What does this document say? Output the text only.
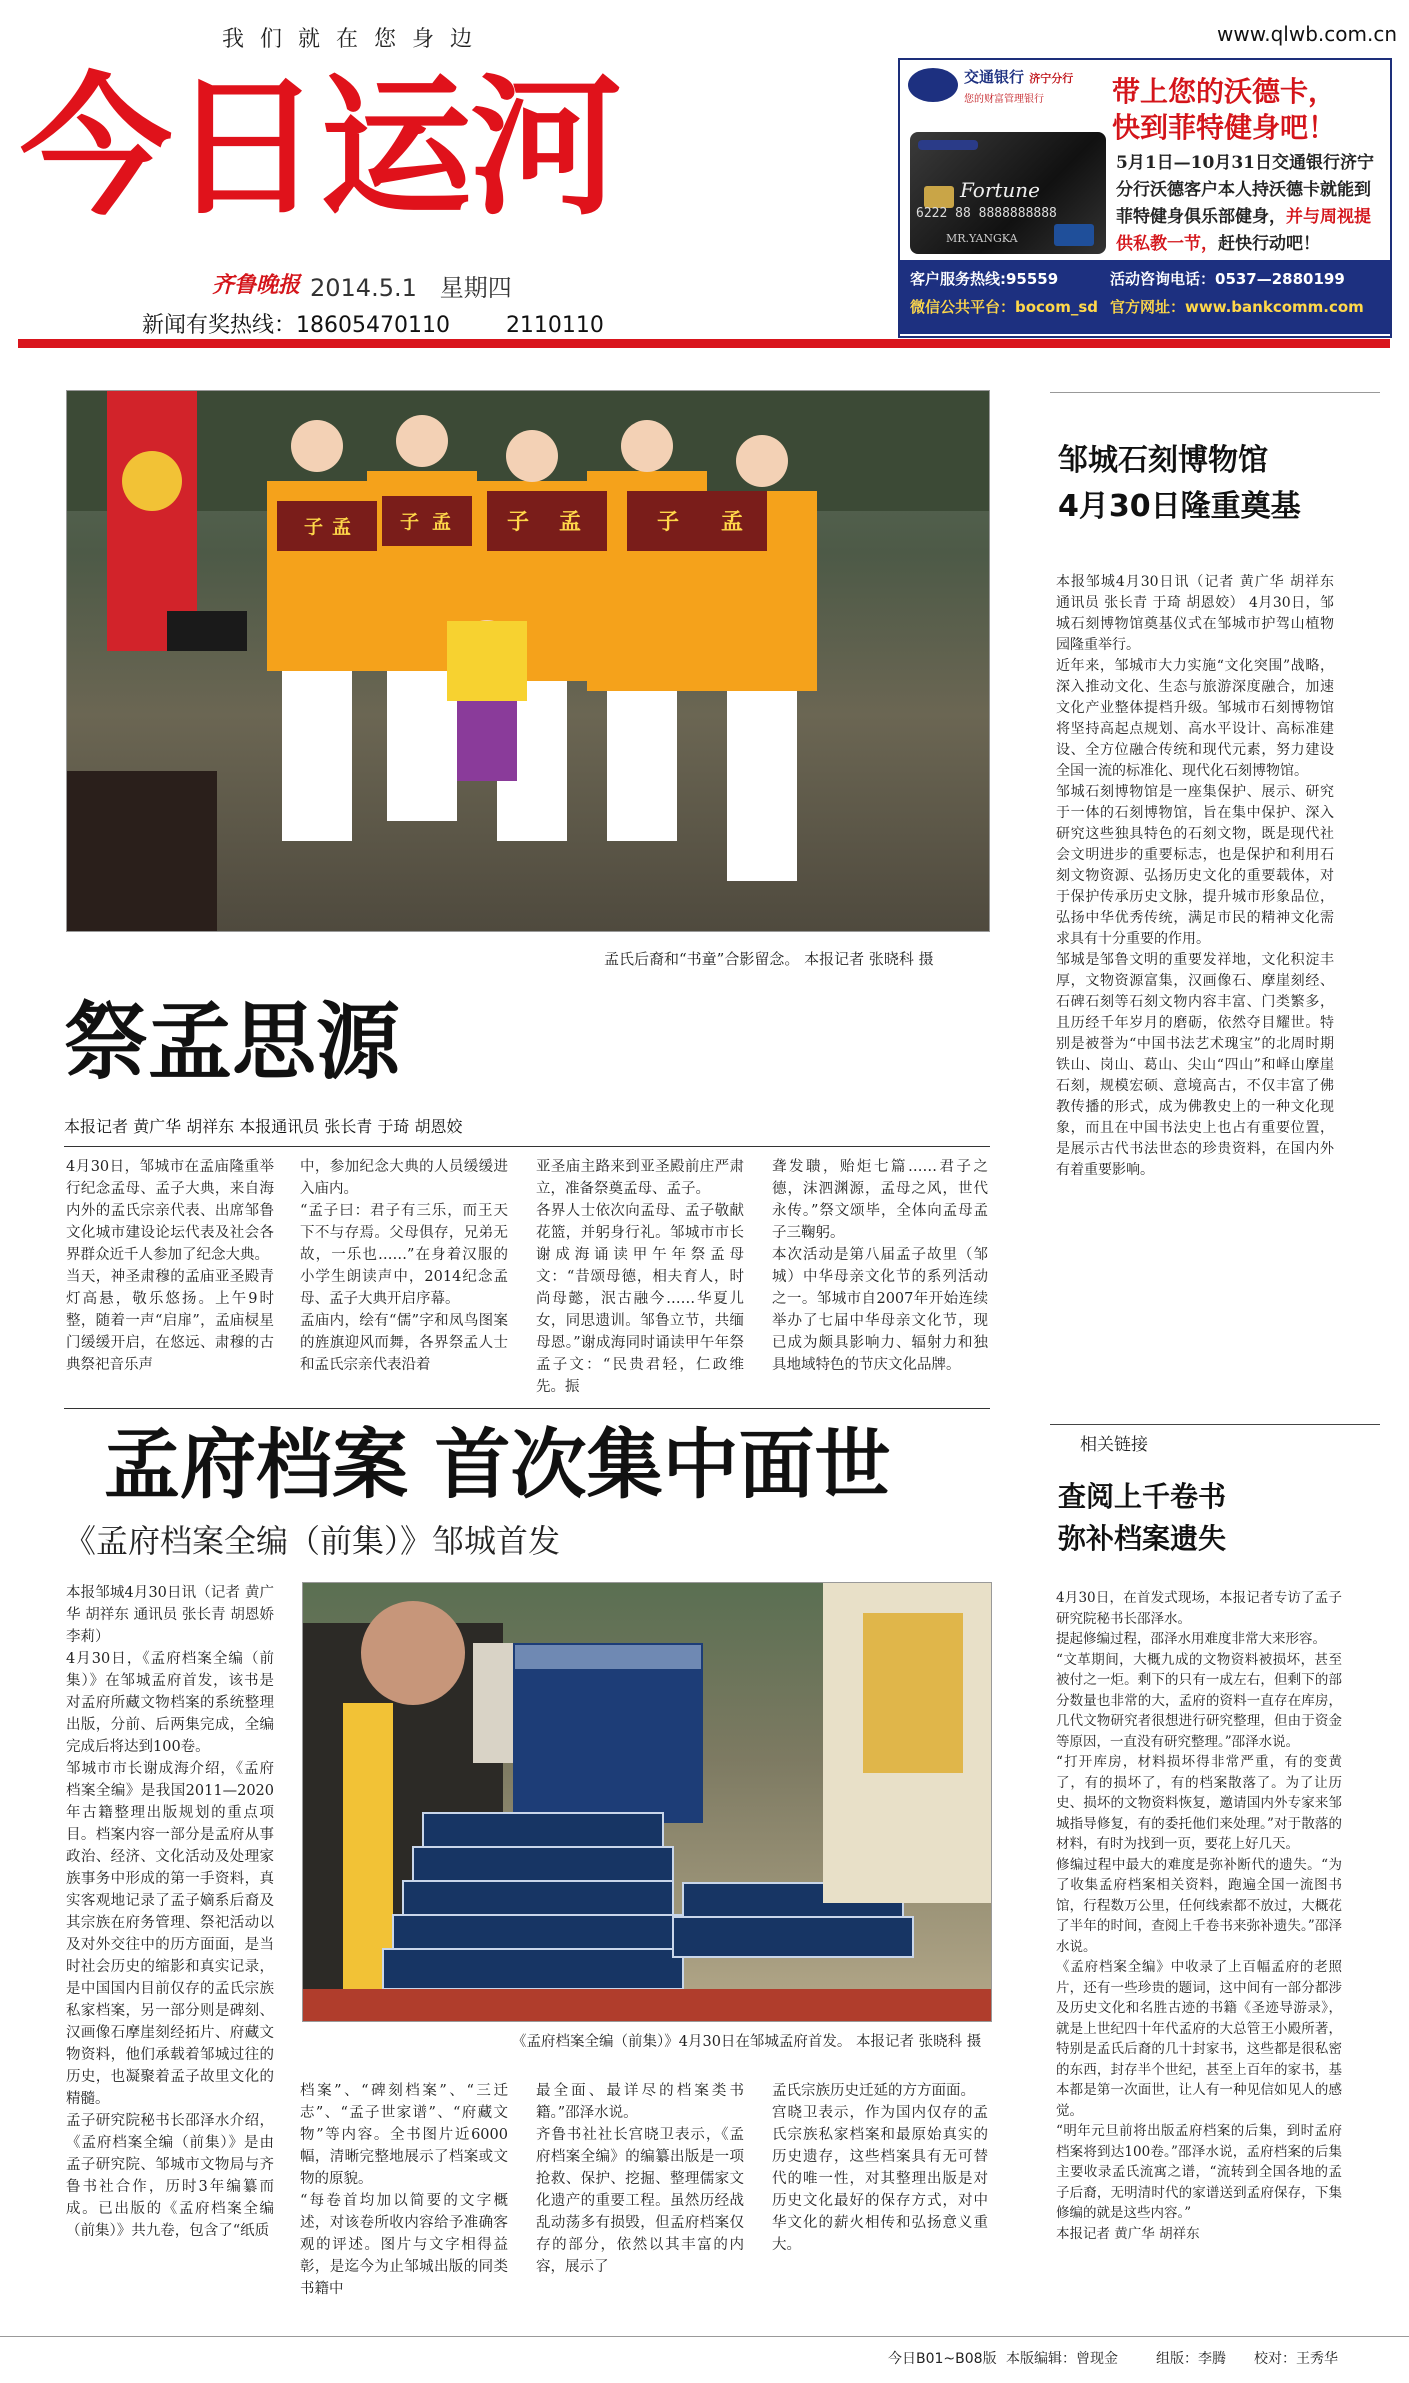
我们就在您身边	www.qlwb.com.cn
今日运河
齐鲁晚报 2014.5.1 星期四
新闻有奖热线：18605470110	2110110
交通银行 济宁分行
您的财富管理银行 带上您的沃德卡，
快到菲特健身吧！
Fortune
6222 88 8888888888
MR.YANGKA
5月1日—10月31日交通银行济宁分行沃德客户本人持沃德卡就能到菲特健身俱乐部健身，并与周视提供私教一节，赶快行动吧！
客户服务热线:95559	活动咨询电话：0537—2880199
微信公共平台：bocom_sd 官方网址：www.bankcomm.com
子 孟	子 孟	子 孟	子 孟
孟氏后裔和“书童”合影留念。 本报记者 张晓科 摄
祭孟思源
本报记者 黄广华 胡祥东 本报通讯员 张长青 于琦 胡恩姣

4月30日，邹城市在孟庙隆重举行纪念孟母、孟子大典，来自海内外的孟氏宗亲代表、出席邹鲁文化城市建设论坛代表及社会各界群众近千人参加了纪念大典。
当天，神圣肃穆的孟庙亚圣殿青灯高悬，敬乐悠扬。上午9时整，随着一声“启扉”，孟庙棂星门缓缓开启，在悠远、肃穆的古典祭祀音乐声

中，参加纪念大典的人员缓缓进入庙内。
“孟子曰：君子有三乐，而王天下不与存焉。父母俱存，兄弟无故，一乐也……”在身着汉服的小学生朗读声中，2014纪念孟母、孟子大典开启序幕。
孟庙内，绘有“儒”字和凤鸟图案的旌旗迎风而舞，各界祭孟人士和孟氏宗亲代表沿着

亚圣庙主路来到亚圣殿前庄严肃立，准备祭奠孟母、孟子。
各界人士依次向孟母、孟子敬献花篮，并躬身行礼。邹城市市长谢成海诵读甲午年祭孟母文：“昔颂母德，相夫育人，时尚母懿，泯古融今……华夏儿女，同思遗训。邹鲁立节，共缅母恩。”谢成海同时诵读甲午年祭孟子文：“民贵君轻，仁政维先。振

聋发聩，贻炬七篇……君子之德，沫泗渊源，孟母之风，世代永传。”祭文颂毕，全体向孟母孟子三鞠躬。
本次活动是第八届孟子故里（邹城）中华母亲文化节的系列活动之一。邹城市自2007年开始连续举办了七届中华母亲文化节，现已成为颇具影响力、辐射力和独具地域特色的节庆文化品牌。

邹城石刻博物馆
4月30日隆重奠基
本报邹城4月30日讯（记者 黄广华 胡祥东 通讯员 张长青 于琦 胡恩姣） 4月30日，邹城石刻博物馆奠基仪式在邹城市护驾山植物园隆重举行。
近年来，邹城市大力实施“文化突围”战略，深入推动文化、生态与旅游深度融合，加速文化产业整体提档升级。邹城市石刻博物馆将坚持高起点规划、高水平设计、高标准建设、全方位融合传统和现代元素，努力建设全国一流的标准化、现代化石刻博物馆。
邹城石刻博物馆是一座集保护、展示、研究于一体的石刻博物馆，旨在集中保护、深入研究这些独具特色的石刻文物，既是现代社会文明进步的重要标志，也是保护和利用石刻文物资源、弘扬历史文化的重要载体，对于保护传承历史文脉，提升城市形象品位，弘扬中华优秀传统，满足市民的精神文化需求具有十分重要的作用。
邹城是邹鲁文明的重要发祥地，文化积淀丰厚，文物资源富集，汉画像石、摩崖刻经、石碑石刻等石刻文物内容丰富、门类繁多，且历经千年岁月的磨砺，依然夺目耀世。特别是被誉为“中国书法艺术瑰宝”的北周时期铁山、岗山、葛山、尖山“四山”和峄山摩崖石刻，规模宏硕、意境高古，不仅丰富了佛教传播的形式，成为佛教史上的一种文化现象，而且在中国书法史上也占有重要位置，是展示古代书法世态的珍贵资料，在国内外有着重要影响。
孟府档案 首次集中面世
《孟府档案全编（前集）》邹城首发
《孟府档案全编（前集）》4月30日在邹城孟府首发。 本报记者 张晓科 摄

本报邹城4月30日讯（记者 黄广华 胡祥东 通讯员 张长青 胡恩娇 李莉）
4月30日，《孟府档案全编（前集）》在邹城孟府首发，该书是对孟府所藏文物档案的系统整理出版，分前、后两集完成，全编完成后将达到100卷。
邹城市市长谢成海介绍，《孟府档案全编》是我国2011—2020年古籍整理出版规划的重点项目。档案内容一部分是孟府从事政治、经济、文化活动及处理家族事务中形成的第一手资料，真实客观地记录了孟子嫡系后裔及其宗族在府务管理、祭祀活动以及对外交往中的历方面面，是当时社会历史的缩影和真实记录，是中国国内目前仅存的孟氏宗族私家档案，另一部分则是碑刻、汉画像石摩崖刻经拓片、府藏文物资料，他们承载着邹城过往的历史，也凝聚着孟子故里文化的精髓。
孟子研究院秘书长邵泽水介绍，《孟府档案全编（前集）》是由孟子研究院、邹城市文物局与齐鲁书社合作，历时3年编纂而成。已出版的《孟府档案全编（前集）》共九卷，包含了“纸质

档案”、“碑刻档案”、“三迁志”、“孟子世家谱”、“府藏文物”等内容。全书图片近6000幅，清晰完整地展示了档案或文物的原貌。
“每卷首均加以简要的文字概述，对该卷所收内容给予准确客观的评述。图片与文字相得益彰，是迄今为止邹城出版的同类书籍中

最全面、最详尽的档案类书籍。”邵泽水说。
齐鲁书社社长宫晓卫表示，《孟府档案全编》的编纂出版是一项抢救、保护、挖掘、整理儒家文化遗产的重要工程。虽然历经战乱动荡多有损毁，但孟府档案仅存的部分，依然以其丰富的内容，展示了

孟氏宗族历史迁延的方方面面。
宫晓卫表示，作为国内仅存的孟氏宗族私家档案和最原始真实的历史遗存，这些档案具有无可替代的唯一性，对其整理出版是对历史文化最好的保存方式，对中华文化的薪火相传和弘扬意义重大。

相关链接
查阅上千卷书
弥补档案遗失
4月30日，在首发式现场，本报记者专访了孟子研究院秘书长邵泽水。
提起修编过程，邵泽水用难度非常大来形容。
“文革期间，大概九成的文物资料被损坏，甚至被付之一炬。剩下的只有一成左右，但剩下的部分数量也非常的大，孟府的资料一直存在库房，几代文物研究者很想进行研究整理，但由于资金等原因，一直没有研究整理。”邵泽水说。
“打开库房，材料损坏得非常严重，有的变黄了，有的损坏了，有的档案散落了。为了让历史、损坏的文物资料恢复，邀请国内外专家来邹城指导修复，有的委托他们来处理。”对于散落的材料，有时为找到一页，要花上好几天。
修编过程中最大的难度是弥补断代的遗失。“为了收集孟府档案相关资料，跑遍全国一流图书馆，行程数万公里，任何线索都不放过，大概花了半年的时间，查阅上千卷书来弥补遗失。”邵泽水说。
《孟府档案全编》中收录了上百幅孟府的老照片，还有一些珍贵的题词，这中间有一部分都涉及历史文化和名胜古迹的书籍《圣迹导游录》，就是上世纪四十年代孟府的大总管王小殿所著，特别是孟氏后裔的几十封家书，这些都是很私密的东西，封存半个世纪，甚至上百年的家书，基本都是第一次面世，让人有一种见信如见人的感觉。
“明年元旦前将出版孟府档案的后集，到时孟府档案将到达100卷。”邵泽水说，孟府档案的后集主要收录孟氏流寓之谱，“流转到全国各地的孟子后裔，无明清时代的家谱送到孟府保存，下集修编的就是这些内容。”
本报记者 黄广华 胡祥东
今日B01~B08版 本版编辑：曾现金	组版：李腾 校对：王秀华
